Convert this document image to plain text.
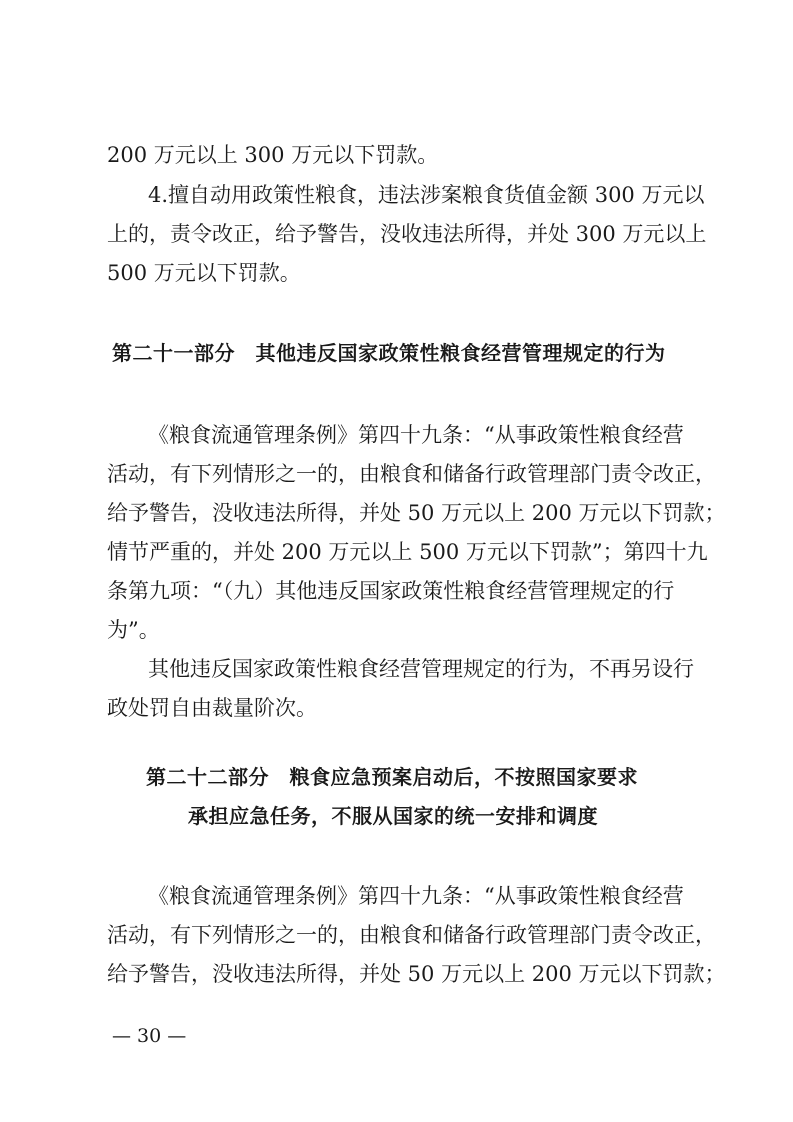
200 万元以上 300 万元以下罚款。
4.擅自动用政策性粮食，违法涉案粮食货值金额 300 万元以
上的，责令改正，给予警告，没收违法所得，并处 300 万元以上
500 万元以下罚款。
第二十一部分　其他违反国家政策性粮食经营管理规定的行为
《粮食流通管理条例》第四十九条：“从事政策性粮食经营
活动，有下列情形之一的，由粮食和储备行政管理部门责令改正，
给予警告，没收违法所得，并处 50 万元以上 200 万元以下罚款；
情节严重的，并处 200 万元以上 500 万元以下罚款”；第四十九
条第九项：“（九）其他违反国家政策性粮食经营管理规定的行
为”。
其他违反国家政策性粮食经营管理规定的行为，不再另设行
政处罚自由裁量阶次。
第二十二部分　粮食应急预案启动后，不按照国家要求
承担应急任务，不服从国家的统一安排和调度
《粮食流通管理条例》第四十九条：“从事政策性粮食经营
活动，有下列情形之一的，由粮食和储备行政管理部门责令改正，
给予警告，没收违法所得，并处 50 万元以上 200 万元以下罚款；
— 30 —
